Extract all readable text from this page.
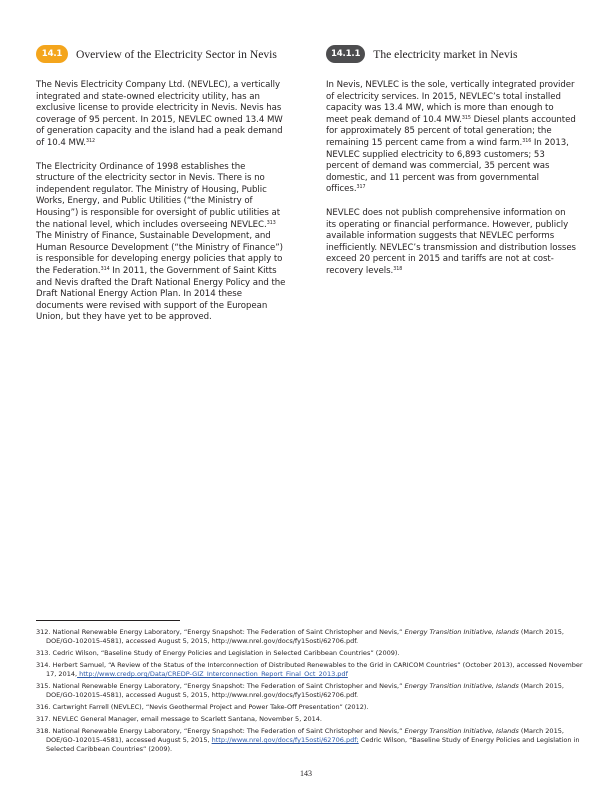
14.1	Overview of the Electricity Sector in Nevis

The Nevis Electricity Company Ltd. (NEVLEC), a vertically integrated and state-owned electricity utility, has an exclusive license to provide electricity in Nevis. Nevis has coverage of 95 percent. In 2015, NEVLEC owned 13.4 MW of generation capacity and the island had a peak demand of 10.4 MW.$^{312}$

The Electricity Ordinance of 1998 establishes the structure of the electricity sector in Nevis. There is no independent regulator. The Ministry of Housing, Public Works, Energy, and Public Utilities (“the Ministry of Housing”) is responsible for oversight of public utilities at the national level, which includes overseeing NEVLEC.$^{313}$ The Ministry of Finance, Sustainable Development, and Human Resource Development (“the Ministry of Finance”) is responsible for developing energy policies that apply to the Federation.$^{314}$ In 2011, the Government of Saint Kitts and Nevis drafted the Draft National Energy Policy and the Draft National Energy Action Plan. In 2014 these documents were revised with support of the European Union, but they have yet to be approved.

14.1.1	The electricity market in Nevis

In Nevis, NEVLEC is the sole, vertically integrated provider of electricity services. In 2015, NEVLEC’s total installed capacity was 13.4 MW, which is more than enough to meet peak demand of 10.4 MW.$^{315}$ Diesel plants accounted for approximately 85 percent of total generation; the remaining 15 percent came from a wind farm.$^{316}$ In 2013, NEVLEC supplied electricity to 6,893 customers; 53 percent of demand was commercial, 35 percent was domestic, and 11 percent was from governmental offices.$^{317}$

NEVLEC does not publish comprehensive information on its operating or financial performance. However, publicly available information suggests that NEVLEC performs inefficiently. NEVLEC’s transmission and distribution losses exceed 20 percent in 2015 and tariffs are not at cost-recovery levels.$^{318}$

312. National Renewable Energy Laboratory, “Energy Snapshot: The Federation of Saint Christopher and Nevis,” Energy Transition Initiative, Islands (March 2015, DOE/GO-102015-4581), accessed August 5, 2015, http://www.nrel.gov/docs/fy15osti/62706.pdf.

313. Cedric Wilson, “Baseline Study of Energy Policies and Legislation in Selected Caribbean Countries” (2009).

314. Herbert Samuel, “A Review of the Status of the Interconnection of Distributed Renewables to the Grid in CARICOM Countries” (October 2013), accessed November 17, 2014, http://www.credp.org/Data/CREDP-GIZ_Interconnection_Report_Final_Oct_2013.pdf

315. National Renewable Energy Laboratory, “Energy Snapshot: The Federation of Saint Christopher and Nevis,” Energy Transition Initiative, Islands (March 2015, DOE/GO-102015-4581), accessed August 5, 2015, http://www.nrel.gov/docs/fy15osti/62706.pdf.

316. Cartwright Farrell (NEVLEC), “Nevis Geothermal Project and Power Take-Off Presentation” (2012).

317. NEVLEC General Manager, email message to Scarlett Santana, November 5, 2014.

318. National Renewable Energy Laboratory, “Energy Snapshot: The Federation of Saint Christopher and Nevis,” Energy Transition Initiative, Islands (March 2015, DOE/GO-102015-4581), accessed August 5, 2015, http://www.nrel.gov/docs/fy15osti/62706.pdf; Cedric Wilson, “Baseline Study of Energy Policies and Legislation in Selected Caribbean Countries” (2009).

143
